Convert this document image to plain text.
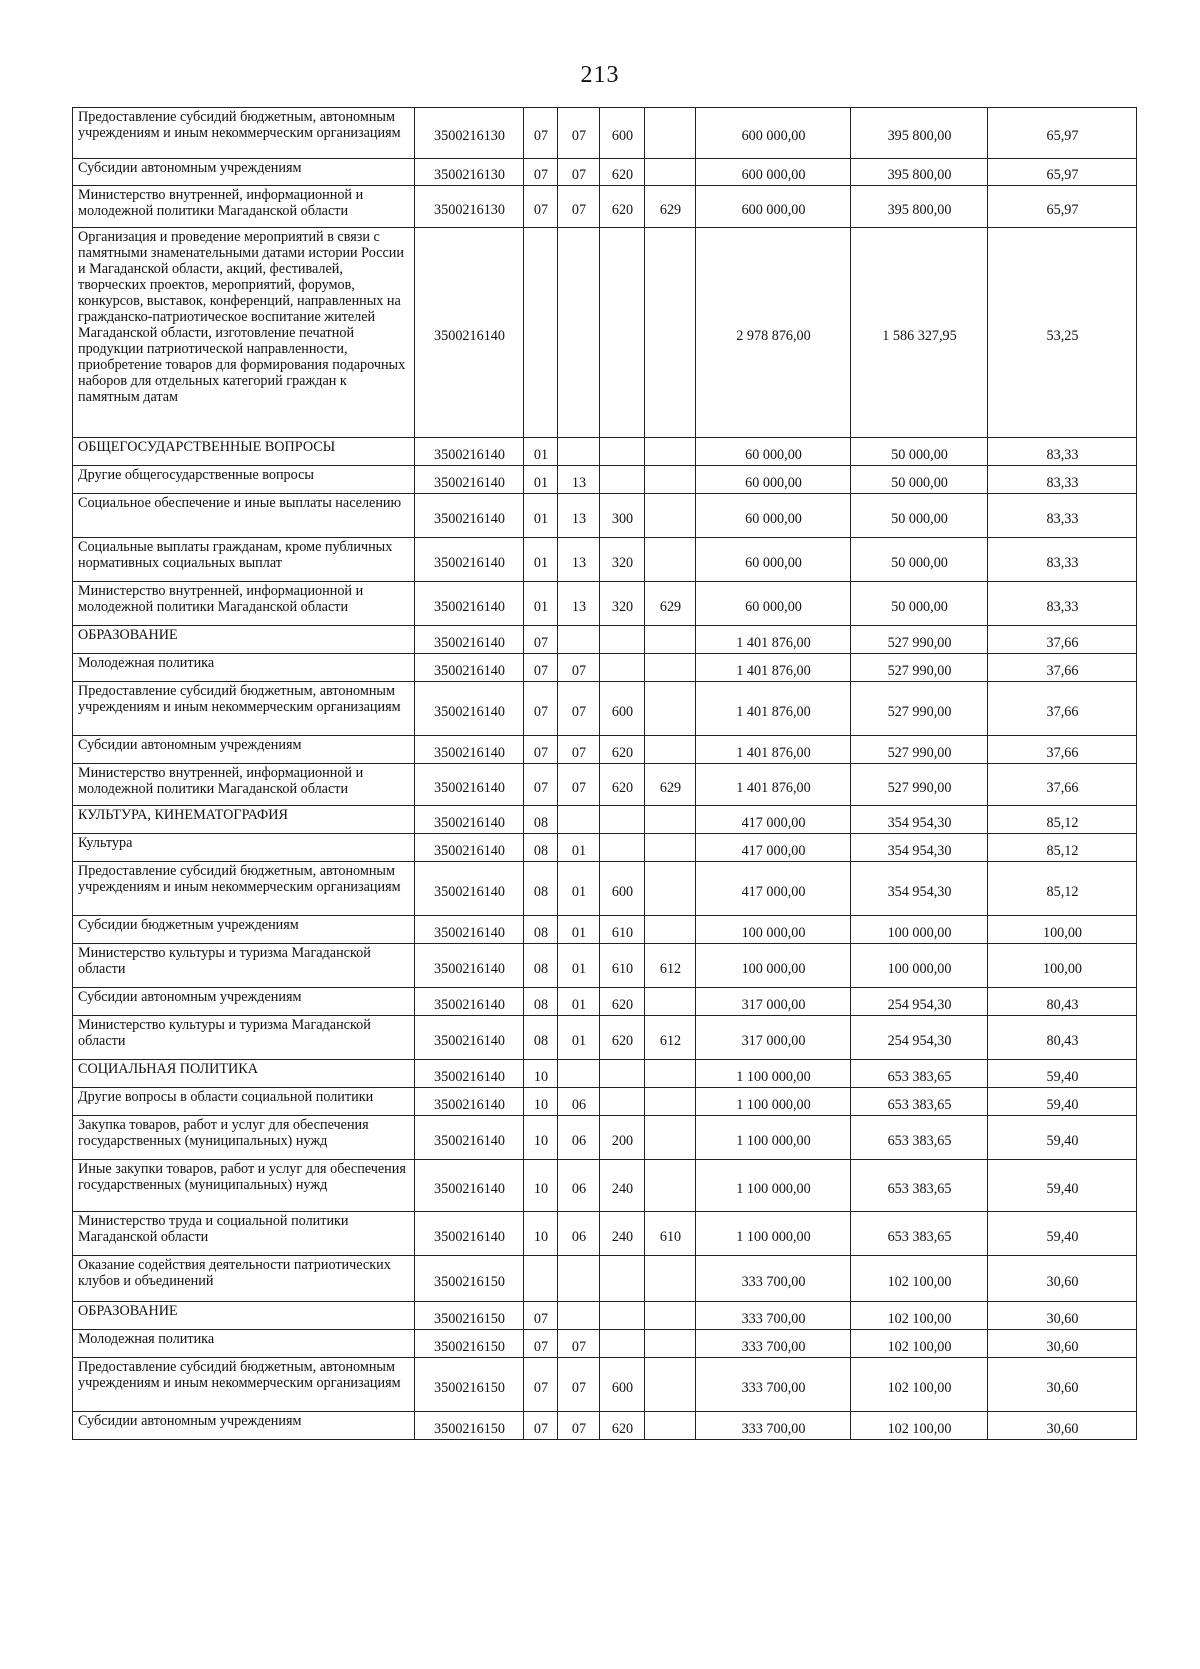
213
Предоставление субсидий бюджетным, автономным учреждениям и иным некоммерческим организациям	3500216130	07	07	600		600 000,00	395 800,00	65,97
Субсидии автономным учреждениям	3500216130	07	07	620		600 000,00	395 800,00	65,97
Министерство внутренней, информационной и молодежной политики Магаданской области	3500216130	07	07	620	629	600 000,00	395 800,00	65,97
Организация и проведение мероприятий в связи с памятными знаменательными датами истории России и Магаданской области, акций, фестивалей, творческих проектов, мероприятий, форумов, конкурсов, выставок, конференций, направленных на гражданско-патриотическое воспитание жителей Магаданской области, изготовление печатной продукции патриотической направленности, приобретение товаров для формирования подарочных наборов для отдельных категорий граждан к памятным датам	3500216140					2 978 876,00	1 586 327,95	53,25
ОБЩЕГОСУДАРСТВЕННЫЕ ВОПРОСЫ	3500216140	01				60 000,00	50 000,00	83,33
Другие общегосударственные вопросы	3500216140	01	13			60 000,00	50 000,00	83,33
Социальное обеспечение и иные выплаты населению	3500216140	01	13	300		60 000,00	50 000,00	83,33
Социальные выплаты гражданам, кроме публичных нормативных социальных выплат	3500216140	01	13	320		60 000,00	50 000,00	83,33
Министерство внутренней, информационной и молодежной политики Магаданской области	3500216140	01	13	320	629	60 000,00	50 000,00	83,33
ОБРАЗОВАНИЕ	3500216140	07				1 401 876,00	527 990,00	37,66
Молодежная политика	3500216140	07	07			1 401 876,00	527 990,00	37,66
Предоставление субсидий бюджетным, автономным учреждениям и иным некоммерческим организациям	3500216140	07	07	600		1 401 876,00	527 990,00	37,66
Субсидии автономным учреждениям	3500216140	07	07	620		1 401 876,00	527 990,00	37,66
Министерство внутренней, информационной и молодежной политики Магаданской области	3500216140	07	07	620	629	1 401 876,00	527 990,00	37,66
КУЛЬТУРА, КИНЕМАТОГРАФИЯ	3500216140	08				417 000,00	354 954,30	85,12
Культура	3500216140	08	01			417 000,00	354 954,30	85,12
Предоставление субсидий бюджетным, автономным учреждениям и иным некоммерческим организациям	3500216140	08	01	600		417 000,00	354 954,30	85,12
Субсидии бюджетным учреждениям	3500216140	08	01	610		100 000,00	100 000,00	100,00
Министерство культуры и туризма Магаданской области	3500216140	08	01	610	612	100 000,00	100 000,00	100,00
Субсидии автономным учреждениям	3500216140	08	01	620		317 000,00	254 954,30	80,43
Министерство культуры и туризма Магаданской области	3500216140	08	01	620	612	317 000,00	254 954,30	80,43
СОЦИАЛЬНАЯ ПОЛИТИКА	3500216140	10				1 100 000,00	653 383,65	59,40
Другие вопросы в области социальной политики	3500216140	10	06			1 100 000,00	653 383,65	59,40
Закупка товаров, работ и услуг для обеспечения государственных (муниципальных) нужд	3500216140	10	06	200		1 100 000,00	653 383,65	59,40
Иные закупки товаров, работ и услуг для обеспечения государственных (муниципальных) нужд	3500216140	10	06	240		1 100 000,00	653 383,65	59,40
Министерство труда и социальной политики Магаданской области	3500216140	10	06	240	610	1 100 000,00	653 383,65	59,40
Оказание содействия деятельности патриотических клубов и объединений	3500216150					333 700,00	102 100,00	30,60
ОБРАЗОВАНИЕ	3500216150	07				333 700,00	102 100,00	30,60
Молодежная политика	3500216150	07	07			333 700,00	102 100,00	30,60
Предоставление субсидий бюджетным, автономным учреждениям и иным некоммерческим организациям	3500216150	07	07	600		333 700,00	102 100,00	30,60
Субсидии автономным учреждениям	3500216150	07	07	620		333 700,00	102 100,00	30,60
